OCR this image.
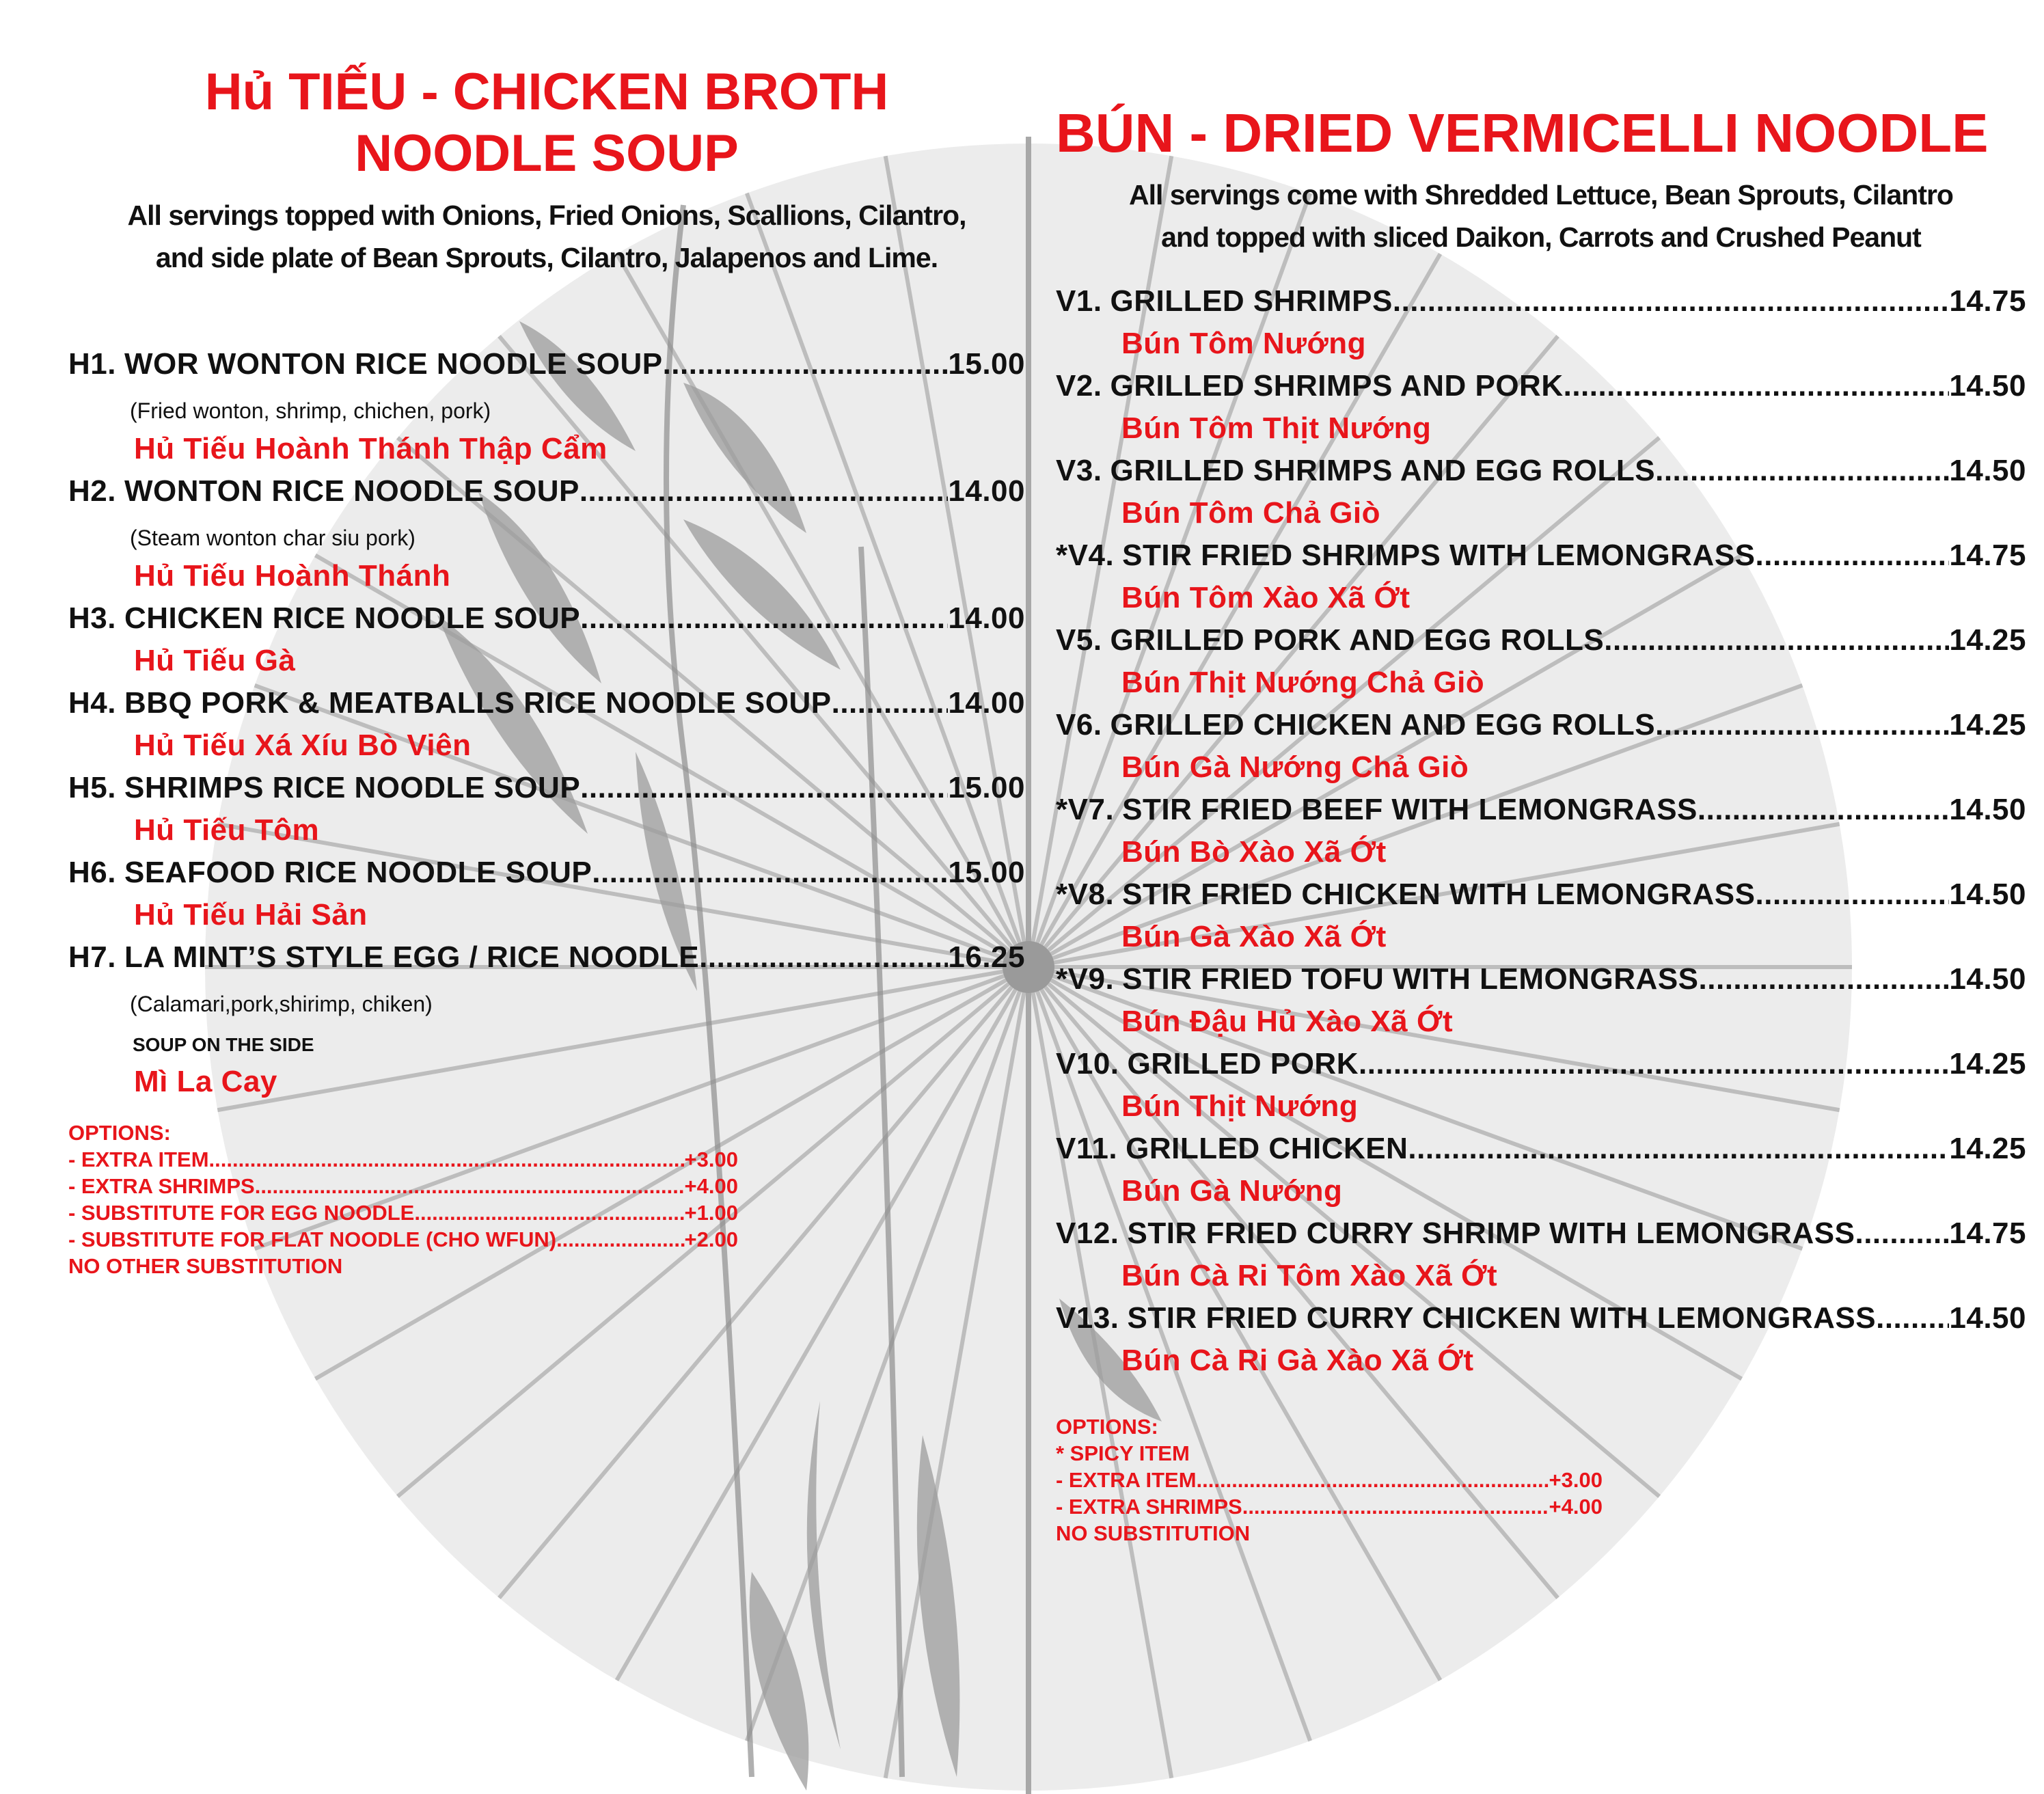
Hủ TIẾU - CHICKEN BROTH
NOODLE SOUP

All servings topped with Onions, Fried Onions, Scallions, Cilantro,

and side plate of Bean Sprouts, Cilantro, Jalapenos and Lime.

H1. WOR WONTON RICE NOODLE SOUP .....	15.00
(Fried wonton, shrimp, chichen, pork)
Hủ Tiếu Hoành Thánh Thập Cẩm
H2. WONTON RICE NOODLE SOUP .....	14.00
(Steam wonton char siu pork)
Hủ Tiếu Hoành Thánh
H3. CHICKEN RICE NOODLE SOUP .....	14.00
Hủ Tiếu Gà
H4. BBQ PORK & MEATBALLS RICE NOODLE SOUP .....	14.00
Hủ Tiếu Xá Xíu Bò Viên
H5. SHRIMPS RICE NOODLE SOUP .....	15.00
Hủ Tiếu Tôm
H6. SEAFOOD RICE NOODLE SOUP .....	15.00
Hủ Tiếu Hải Sản
H7. LA MINT’S STYLE EGG / RICE NOODLE .....	16.25
(Calamari,pork,shirimp, chiken)
SOUP ON THE SIDE
Mì La Cay
OPTIONS:
- EXTRA ITEM .....	+3.00
- EXTRA SHRIMPS .....	+4.00
- SUBSTITUTE FOR EGG NOODLE .....	+1.00
- SUBSTITUTE FOR FLAT NOODLE (CHO WFUN) .....	+2.00
NO OTHER SUBSTITUTION
BÚN - DRIED VERMICELLI NOODLE

All servings come with Shredded Lettuce, Bean Sprouts, Cilantro

and topped with sliced Daikon, Carrots and Crushed Peanut

V1. GRILLED SHRIMPS .....	14.75
Bún Tôm Nướng
V2. GRILLED SHRIMPS AND PORK .....	14.50
Bún Tôm Thịt Nướng
V3. GRILLED SHRIMPS AND EGG ROLLS .....	14.50
Bún Tôm Chả Giò
*V4. STIR FRIED SHRIMPS WITH LEMONGRASS .....	14.75
Bún Tôm Xào Xã Ớt
V5. GRILLED PORK AND EGG ROLLS .....	14.25
Bún Thịt Nướng Chả Giò
V6. GRILLED CHICKEN AND EGG ROLLS .....	14.25
Bún Gà Nướng Chả Giò
*V7. STIR FRIED BEEF WITH LEMONGRASS .....	14.50
Bún Bò Xào Xã Ớt
*V8. STIR FRIED CHICKEN WITH LEMONGRASS .....	14.50
Bún Gà Xào Xã Ớt
*V9. STIR FRIED TOFU WITH LEMONGRASS .....	14.50
Bún Đậu Hủ Xào Xã Ớt
V10. GRILLED PORK .....	14.25
Bún Thịt Nướng
V11. GRILLED CHICKEN .....	14.25
Bún Gà Nướng
V12. STIR FRIED CURRY SHRIMP WITH LEMONGRASS .....	14.75
Bún Cà Ri Tôm Xào Xã Ớt
V13. STIR FRIED CURRY CHICKEN WITH LEMONGRASS ..... 14.50
Bún Cà Ri Gà Xào Xã Ớt
OPTIONS:
* SPICY ITEM
- EXTRA ITEM .....	+3.00
- EXTRA SHRIMPS .....	+4.00
NO SUBSTITUTION
